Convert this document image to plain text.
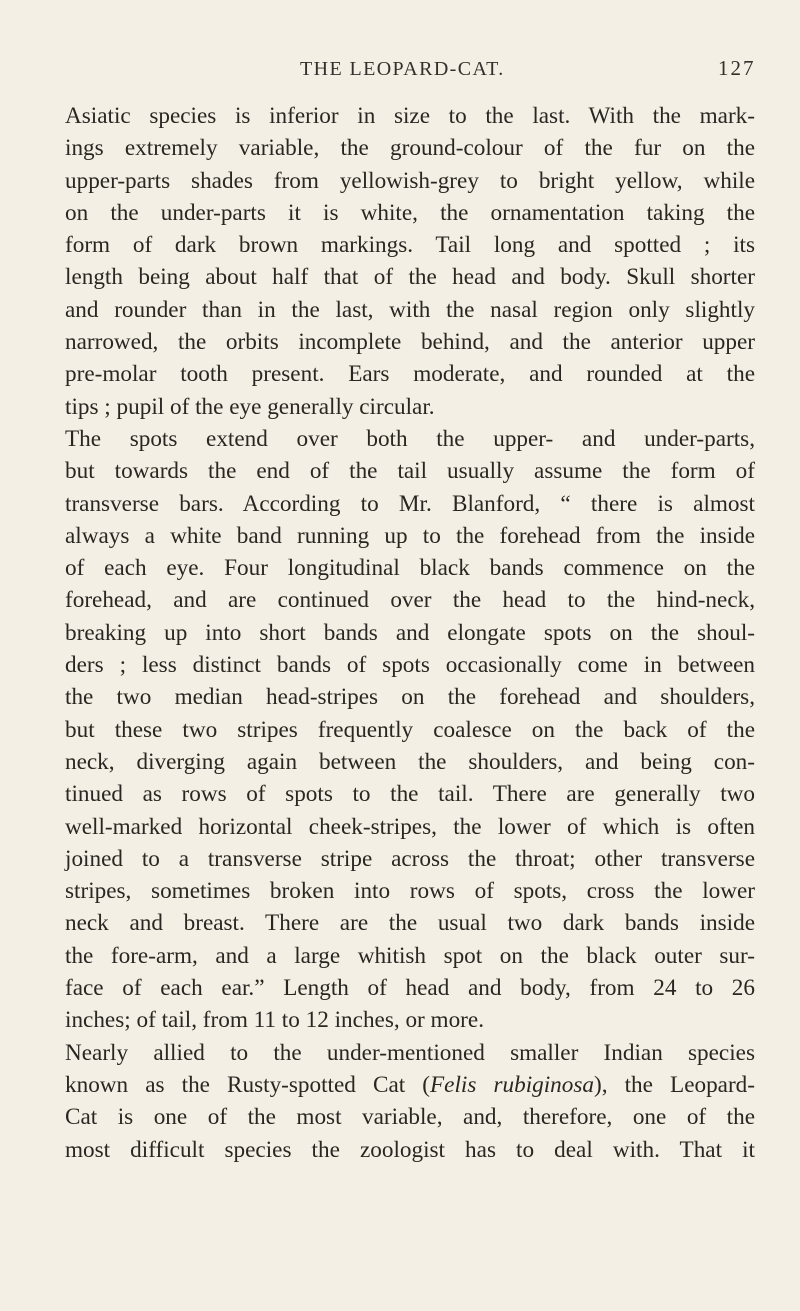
THE LEOPARD-CAT.	127
Asiatic species is inferior in size to the last. With the mark-
ings extremely variable, the ground-colour of the fur on the
upper-parts shades from yellowish-grey to bright yellow, while
on the under-parts it is white, the ornamentation taking the
form of dark brown markings. Tail long and spotted ; its
length being about half that of the head and body. Skull shorter
and rounder than in the last, with the nasal region only slightly
narrowed, the orbits incomplete behind, and the anterior upper
pre-molar tooth present. Ears moderate, and rounded at the
tips ; pupil of the eye generally circular.
The spots extend over both the upper- and under-parts,
but towards the end of the tail usually assume the form of
transverse bars. According to Mr. Blanford, “ there is almost
always a white band running up to the forehead from the inside
of each eye. Four longitudinal black bands commence on the
forehead, and are continued over the head to the hind-neck,
breaking up into short bands and elongate spots on the shoul-
ders ; less distinct bands of spots occasionally come in between
the two median head-stripes on the forehead and shoulders,
but these two stripes frequently coalesce on the back of the
neck, diverging again between the shoulders, and being con-
tinued as rows of spots to the tail. There are generally two
well-marked horizontal cheek-stripes, the lower of which is often
joined to a transverse stripe across the throat; other transverse
stripes, sometimes broken into rows of spots, cross the lower
neck and breast. There are the usual two dark bands inside
the fore-arm, and a large whitish spot on the black outer sur-
face of each ear.” Length of head and body, from 24 to 26
inches; of tail, from 11 to 12 inches, or more.
Nearly allied to the under-mentioned smaller Indian species
known as the Rusty-spotted Cat (Felis rubiginosa), the Leopard-
Cat is one of the most variable, and, therefore, one of the
most difficult species the zoologist has to deal with. That it
